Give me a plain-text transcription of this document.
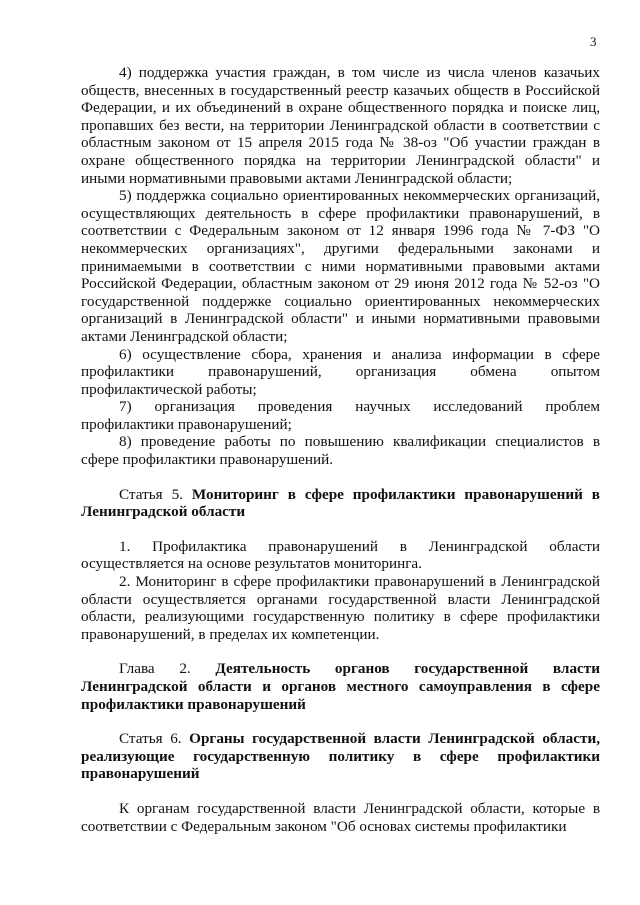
3

4) поддержка участия граждан, в том числе из числа членов казачьих обществ, внесенных в государственный реестр казачьих обществ в Российской Федерации, и их объединений в охране общественного порядка и поиске лиц, пропавших без вести, на территории Ленинградской области в соответствии с областным законом от 15 апреля 2015 года № 38-оз "Об участии граждан в охране общественного порядка на территории Ленинградской области" и иными нормативными правовыми актами Ленинградской области;

5) поддержка социально ориентированных некоммерческих организаций, осуществляющих деятельность в сфере профилактики правонарушений, в соответствии с Федеральным законом от 12 января 1996 года № 7-ФЗ "О некоммерческих организациях", другими федеральными законами и принимаемыми в соответствии с ними нормативными правовыми актами Российской Федерации, областным законом от 29 июня 2012 года № 52-оз "О государственной поддержке социально ориентированных некоммерческих организаций в Ленинградской области" и иными нормативными правовыми актами Ленинградской области;

6) осуществление сбора, хранения и анализа информации в сфере профилактики правонарушений, организация обмена опытом профилактической работы;

7) организация проведения научных исследований проблем профилактики правонарушений;

8) проведение работы по повышению квалификации специалистов в сфере профилактики правонарушений.

Статья 5. Мониторинг в сфере профилактики правонарушений в Ленинградской области

1. Профилактика правонарушений в Ленинградской области осуществляется на основе результатов мониторинга.

2. Мониторинг в сфере профилактики правонарушений в Ленинградской области осуществляется органами государственной власти Ленинградской области, реализующими государственную политику в сфере профилактики правонарушений, в пределах их компетенции.

Глава 2. Деятельность органов государственной власти Ленинградской области и органов местного самоуправления в сфере профилактики правонарушений

Статья 6. Органы государственной власти Ленинградской области, реализующие государственную политику в сфере профилактики правонарушений

К органам государственной власти Ленинградской области, которые в соответствии с Федеральным законом "Об основах системы профилактики
